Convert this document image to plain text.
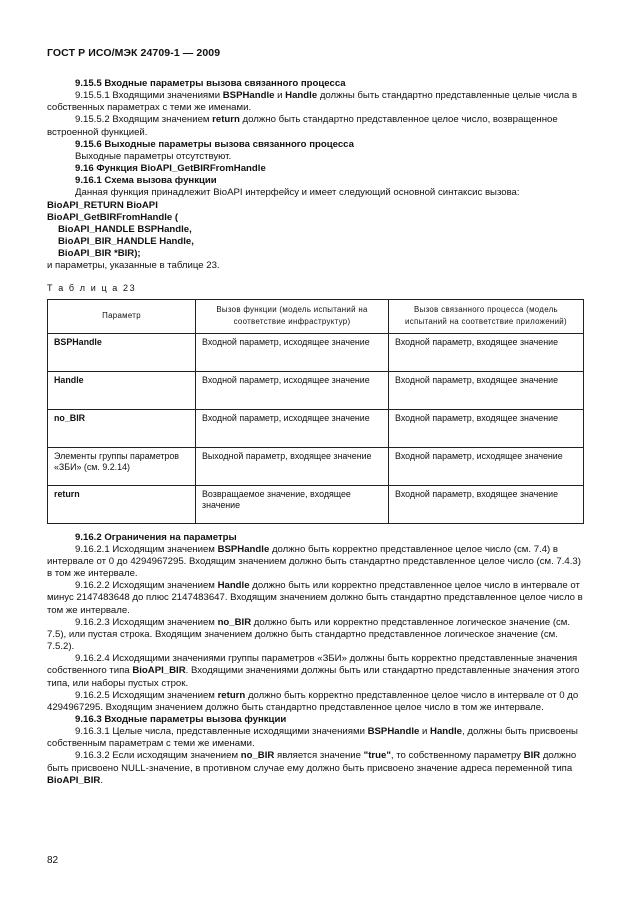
ГОСТ Р ИСО/МЭК 24709-1 — 2009

9.15.5 Входные параметры вызова связанного процесса

9.15.5.1 Входящими значениями BSPHandle и Handle должны быть стандартно представленные целые числа в собственных параметрах с теми же именами.

9.15.5.2 Входящим значением return должно быть стандартно представленное целое число, возвращенное встроенной функцией.

9.15.6 Выходные параметры вызова связанного процесса

Выходные параметры отсутствуют.

9.16 Функция BioAPI_GetBIRFromHandle

9.16.1 Схема вызова функции

Данная функция принадлежит BioAPI интерфейсу и имеет следующий основной синтаксис вызова:

BioAPI_RETURN BioAPI

BioAPI_GetBIRFromHandle (

BioAPI_HANDLE BSPHandle,

BioAPI_BIR_HANDLE Handle,

BioAPI_BIR *BIR);

и параметры, указанные в таблице 23.

Т а б л и ц а 23

Параметр	Вызов функции (модель испытаний на соответствие инфраструктур)	Вызов связанного процесса (модель испытаний на соответствие приложений)
BSPHandle	Входной параметр, исходящее значение	Входной параметр, входящее значение
Handle	Входной параметр, исходящее значение	Входной параметр, входящее значение
no_BIR	Входной параметр, исходящее значение	Входной параметр, входящее значение
Элементы группы параметров «ЗБИ» (см. 9.2.14)	Выходной параметр, входящее значение	Входной параметр, исходящее значение
return	Возвращаемое значение, входящее значение	Входной параметр, входящее значение

9.16.2 Ограничения на параметры

9.16.2.1 Исходящим значением BSPHandle должно быть корректно представленное целое число (см. 7.4) в интервале от 0 до 4294967295. Входящим значением должно быть стандартно представленное целое число (см. 7.4.3) в том же интервале.

9.16.2.2 Исходящим значением Handle должно быть или корректно представленное целое число в интервале от минус 2147483648 до плюс 2147483647. Входящим значением должно быть стандартно представленное целое число в том же интервале.

9.16.2.3 Исходящим значением no_BIR должно быть или корректно представленное логическое значение (см. 7.5), или пустая строка. Входящим значением должно быть стандартно представленное логическое значение (см. 7.5.2).

9.16.2.4 Исходящими значениями группы параметров «ЗБИ» должны быть корректно представленные значения собственного типа BioAPI_BIR. Входящими значениями должны быть или стандартно представленные значения этого типа, или наборы пустых строк.

9.16.2.5 Исходящим значением return должно быть корректно представленное целое число в интервале от 0 до 4294967295. Входящим значением должно быть стандартно представленное целое число в том же интервале.

9.16.3 Входные параметры вызова функции

9.16.3.1 Целые числа, представленные исходящими значениями BSPHandle и Handle, должны быть присвоены собственным параметрам с теми же именами.

9.16.3.2 Если исходящим значением no_BIR является значение "true", то собственному параметру BIR должно быть присвоено NULL-значение, в противном случае ему должно быть присвоено значение адреса переменной типа BioAPI_BIR.

82
